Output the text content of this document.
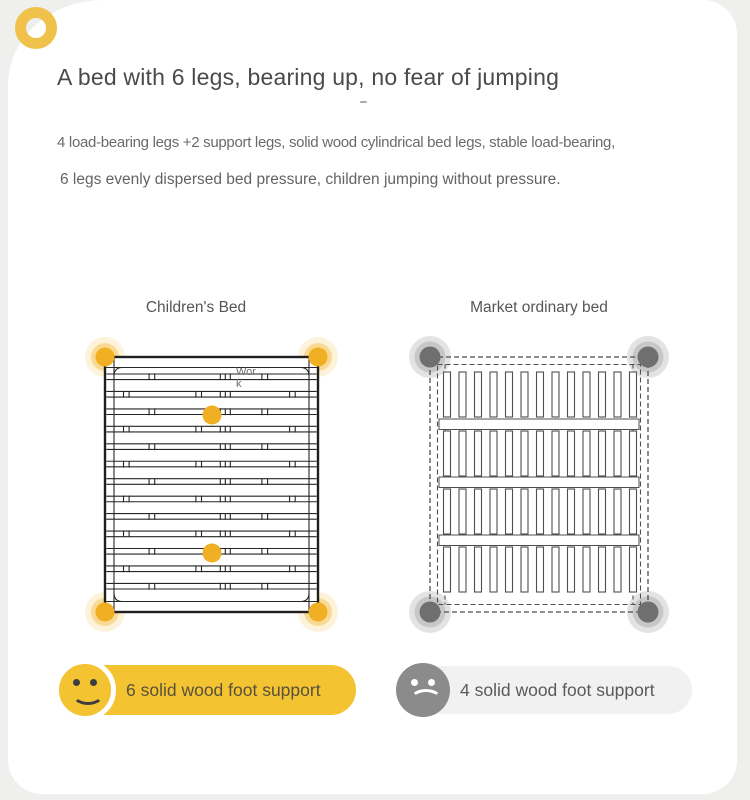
A bed with 6 legs, bearing up, no fear of jumping

4 load-bearing legs +2 support legs, solid wood cylindrical bed legs, stable load-bearing,

6 legs evenly dispersed bed pressure, children jumping without pressure.

Children's Bed	Market ordinary bed

Work
6 solid wood foot support	4 solid wood foot support
